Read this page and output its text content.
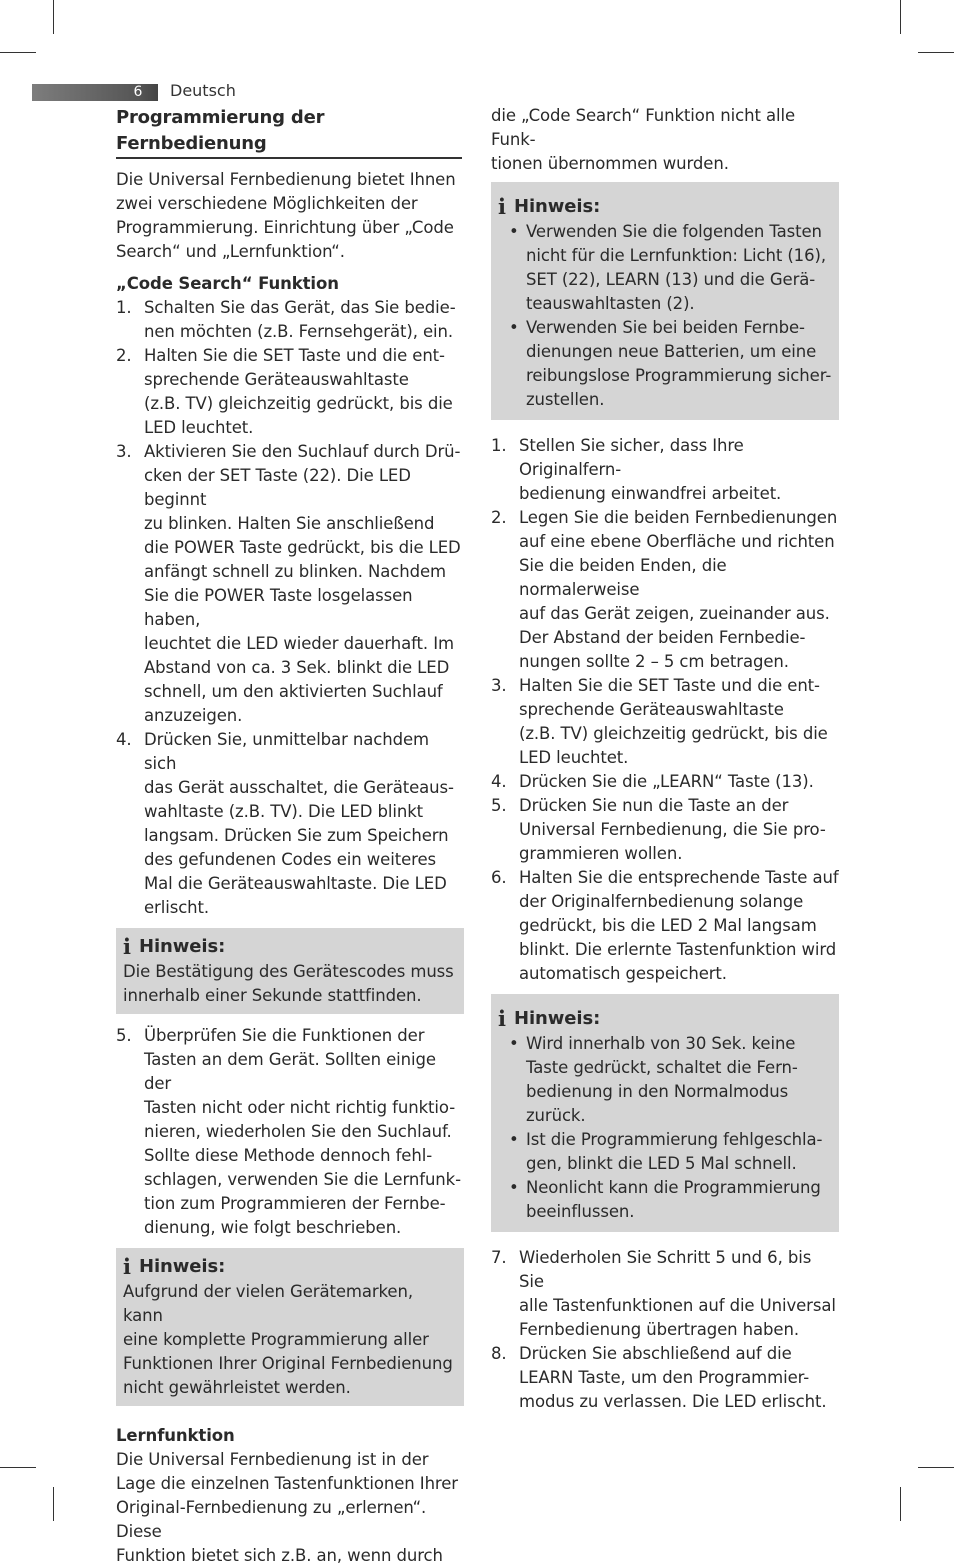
6	Deutsch
Programmierung der Fernbedienung

Die Universal Fernbedienung bietet Ihnen
zwei verschiedene Möglichkeiten der
Programmierung. Einrichtung über „Code
Search“ und „Lernfunktion“.

„Code Search“ Funktion

1. Schalten Sie das Gerät, das Sie bedie-
nen möchten (z.B. Fernsehgerät), ein.
2. Halten Sie die SET Taste und die ent-
sprechende Geräteauswahltaste
(z.B. TV) gleichzeitig gedrückt, bis die
LED leuchtet.
3. Aktivieren Sie den Suchlauf durch Drü-
cken der SET Taste (22). Die LED beginnt
zu blinken. Halten Sie anschließend
die POWER Taste gedrückt, bis die LED
anfängt schnell zu blinken. Nachdem
Sie die POWER Taste losgelassen haben,
leuchtet die LED wieder dauerhaft. Im
Abstand von ca. 3 Sek. blinkt die LED
schnell, um den aktivierten Suchlauf
anzuzeigen.
4. Drücken Sie, unmittelbar nachdem sich
das Gerät ausschaltet, die Geräteaus-
wahltaste (z.B. TV). Die LED blinkt
langsam. Drücken Sie zum Speichern
des gefundenen Codes ein weiteres
Mal die Geräteauswahltaste. Die LED
erlischt.
i Hinweis:

Die Bestätigung des Gerätescodes muss
innerhalb einer Sekunde stattfinden.

5. Überprüfen Sie die Funktionen der
Tasten an dem Gerät. Sollten einige der
Tasten nicht oder nicht richtig funktio-
nieren, wiederholen Sie den Suchlauf.
Sollte diese Methode dennoch fehl-
schlagen, verwenden Sie die Lernfunk-
tion zum Programmieren der Fernbe-
dienung, wie folgt beschrieben.
i Hinweis:

Aufgrund der vielen Gerätemarken, kann
eine komplette Programmierung aller
Funktionen Ihrer Original Fernbedienung
nicht gewährleistet werden.

Lernfunktion

Die Universal Fernbedienung ist in der
Lage die einzelnen Tastenfunktionen Ihrer
Original-Fernbedienung zu „erlernen“. Diese
Funktion bietet sich z.B. an, wenn durch

die „Code Search“ Funktion nicht alle Funk-
tionen übernommen wurden.

i Hinweis:
• Verwenden Sie die folgenden Tasten
nicht für die Lernfunktion: Licht (16),
SET (22), LEARN (13) und die Gerä-
teauswahltasten (2).
• Verwenden Sie bei beiden Fernbe-
dienungen neue Batterien, um eine
reibungslose Programmierung sicher-
zustellen.
1. Stellen Sie sicher, dass Ihre Originalfern-
bedienung einwandfrei arbeitet.
2. Legen Sie die beiden Fernbedienungen
auf eine ebene Oberfläche und richten
Sie die beiden Enden, die normalerweise
auf das Gerät zeigen, zueinander aus.
Der Abstand der beiden Fernbedie-
nungen sollte 2 – 5 cm betragen.
3. Halten Sie die SET Taste und die ent-
sprechende Geräteauswahltaste
(z.B. TV) gleichzeitig gedrückt, bis die
LED leuchtet.
4. Drücken Sie die „LEARN“ Taste (13).
5. Drücken Sie nun die Taste an der
Universal Fernbedienung, die Sie pro-
grammieren wollen.
6. Halten Sie die entsprechende Taste auf
der Originalfernbedienung solange
gedrückt, bis die LED 2 Mal langsam
blinkt. Die erlernte Tastenfunktion wird
automatisch gespeichert.
i Hinweis:
• Wird innerhalb von 30 Sek. keine
Taste gedrückt, schaltet die Fern-
bedienung in den Normalmodus
zurück.
• Ist die Programmierung fehlgeschla-
gen, blinkt die LED 5 Mal schnell.
• Neonlicht kann die Programmierung
beeinflussen.
7. Wiederholen Sie Schritt 5 und 6, bis Sie
alle Tastenfunktionen auf die Universal
Fernbedienung übertragen haben.
8. Drücken Sie abschließend auf die
LEARN Taste, um den Programmier-
modus zu verlassen. Die LED erlischt.
